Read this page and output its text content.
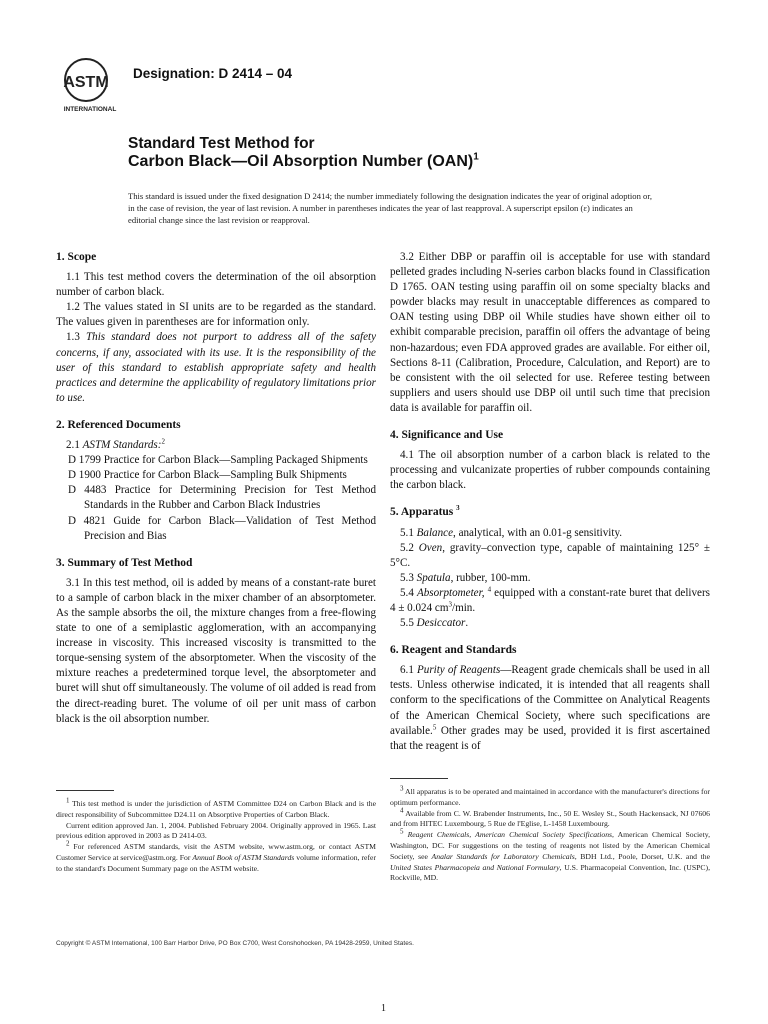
ASTM
INTERNATIONAL
Designation: D 2414 – 04
Standard Test Method for
Carbon Black—Oil Absorption Number (OAN)$^1$
This standard is issued under the fixed designation D 2414; the number immediately following the designation indicates the year of original adoption or, in the case of revision, the year of last revision. A number in parentheses indicates the year of last reapproval. A superscript epsilon (ε) indicates an editorial change since the last revision or reapproval.
1. Scope

1.1 This test method covers the determination of the oil absorption number of carbon black.

1.2 The values stated in SI units are to be regarded as the standard. The values given in parentheses are for information only.

1.3 This standard does not purport to address all of the safety concerns, if any, associated with its use. It is the responsibility of the user of this standard to establish appropriate safety and health practices and determine the applicability of regulatory limitations prior to use.

2. Referenced Documents

2.1 ASTM Standards:$^2$

D 1799 Practice for Carbon Black—Sampling Packaged Shipments

D 1900 Practice for Carbon Black—Sampling Bulk Shipments

D 4483 Practice for Determining Precision for Test Method Standards in the Rubber and Carbon Black Industries

D 4821 Guide for Carbon Black—Validation of Test Method Precision and Bias

3. Summary of Test Method

3.1 In this test method, oil is added by means of a constant-rate buret to a sample of carbon black in the mixer chamber of an absorptometer. As the sample absorbs the oil, the mixture changes from a free-flowing state to one of a semiplastic agglomeration, with an accompanying increase in viscosity. This increased viscosity is transmitted to the torque-sensing system of the absorptometer. When the viscosity of the mixture reaches a predetermined torque level, the absorptometer and buret will shut off simultaneously. The volume of oil added is read from the direct-reading buret. The volume of oil per unit mass of carbon black is the oil absorption number.

3.2 Either DBP or paraffin oil is acceptable for use with standard pelleted grades including N-series carbon blacks found in Classification D 1765. OAN testing using paraffin oil on some specialty blacks and powder blacks may result in unacceptable differences as compared to OAN testing using DBP oil While studies have shown either oil to exhibit comparable precision, paraffin oil offers the advantage of being non-hazardous; even FDA approved grades are available. For either oil, Sections 8-11 (Calibration, Procedure, Calculation, and Report) are to be consistent with the oil selected for use. Referee testing between suppliers and users should use DBP oil until such time that precision data is available for paraffin oil.

4. Significance and Use

4.1 The oil absorption number of a carbon black is related to the processing and vulcanizate properties of rubber compounds containing the carbon black.

5. Apparatus $^3$

5.1 Balance, analytical, with an 0.01-g sensitivity.

5.2 Oven, gravity–convection type, capable of maintaining 125° ± 5°C.

5.3 Spatula, rubber, 100-mm.

5.4 Absorptometer, $^4$ equipped with a constant-rate buret that delivers 4 ± 0.024 $cm^3/\min$.

5.5 Desiccator.

6. Reagent and Standards

6.1 Purity of Reagents—Reagent grade chemicals shall be used in all tests. Unless otherwise indicated, it is intended that all reagents shall conform to the specifications of the Committee on Analytical Reagents of the American Chemical Society, where such specifications are available.$^5$ Other grades may be used, provided it is first ascertained that the reagent is of

$^1$ This test method is under the jurisdiction of ASTM Committee D24 on Carbon Black and is the direct responsibility of Subcommittee D24.11 on Absorptive Properties of Carbon Black.

Current edition approved Jan. 1, 2004. Published February 2004. Originally approved in 1965. Last previous edition approved in 2003 as D 2414-03.

$^2$ For referenced ASTM standards, visit the ASTM website, www.astm.org, or contact ASTM Customer Service at service@astm.org. For Annual Book of ASTM Standards volume information, refer to the standard's Document Summary page on the ASTM website.

$^3$ All apparatus is to be operated and maintained in accordance with the manufacturer's directions for optimum performance.

$^4$ Available from C. W. Brabender Instruments, Inc., 50 E. Wesley St., South Hackensack, NJ 07606 and from HITEC Luxembourg, 5 Rue de l'Eglise, L-1458 Luxembourg.

$^5$ Reagent Chemicals, American Chemical Society Specifications, American Chemical Society, Washington, DC. For suggestions on the testing of reagents not listed by the American Chemical Society, see Analar Standards for Laboratory Chemicals, BDH Ltd., Poole, Dorset, U.K. and the United States Pharmacopeia and National Formulary, U.S. Pharmacopeial Convention, Inc. (USPC), Rockville, MD.

Copyright © ASTM International, 100 Barr Harbor Drive, PO Box C700, West Conshohocken, PA 19428-2959, United States.
1
